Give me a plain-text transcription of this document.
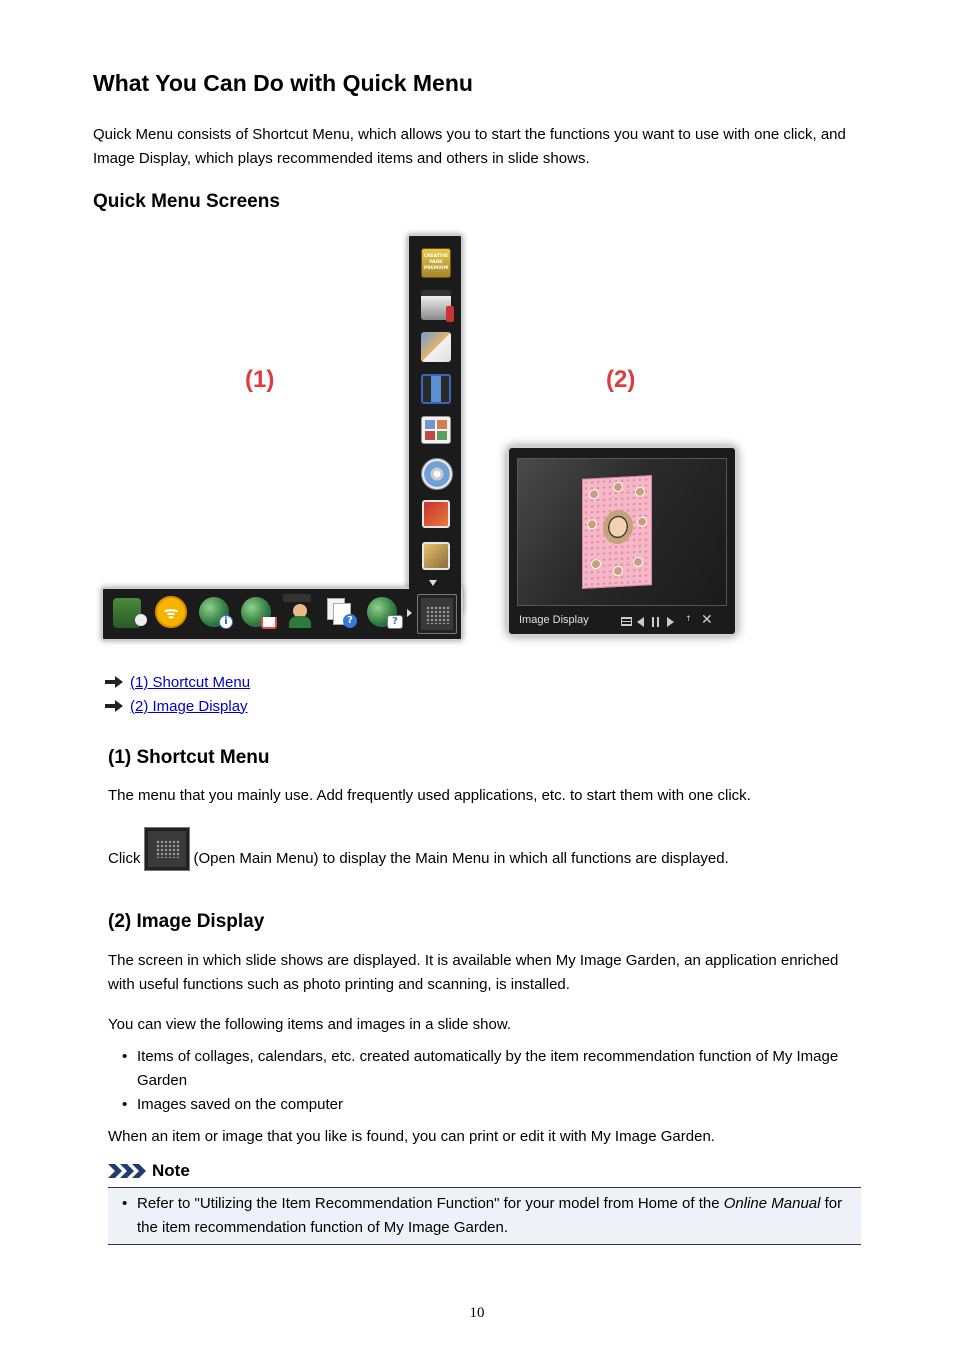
What You Can Do with Quick Menu

Quick Menu consists of Shortcut Menu, which allows you to start the functions you want to use with one click, and Image Display, which plays recommended items and others in slide shows.

Quick Menu Screens
CREATIVE PARK PREMIUM
ᯤ	i	?	?
(1)	(2)
Image Display	ꜛ ✕
(1) Shortcut Menu
(2) Image Display
(1) Shortcut Menu

The menu that you mainly use. Add frequently used applications, etc. to start them with one click.

Click	(Open Main Menu) to display the Main Menu in which all functions are displayed.
(2) Image Display

The screen in which slide shows are displayed. It is available when My Image Garden, an application enriched with useful functions such as photo printing and scanning, is installed.

You can view the following items and images in a slide show.

• Items of collages, calendars, etc. created automatically by the item recommendation function of My Image Garden
• Images saved on the computer

When an item or image that you like is found, you can print or edit it with My Image Garden.

Note
• Refer to "Utilizing the Item Recommendation Function" for your model from Home of the Online Manual for the item recommendation function of My Image Garden.
10
